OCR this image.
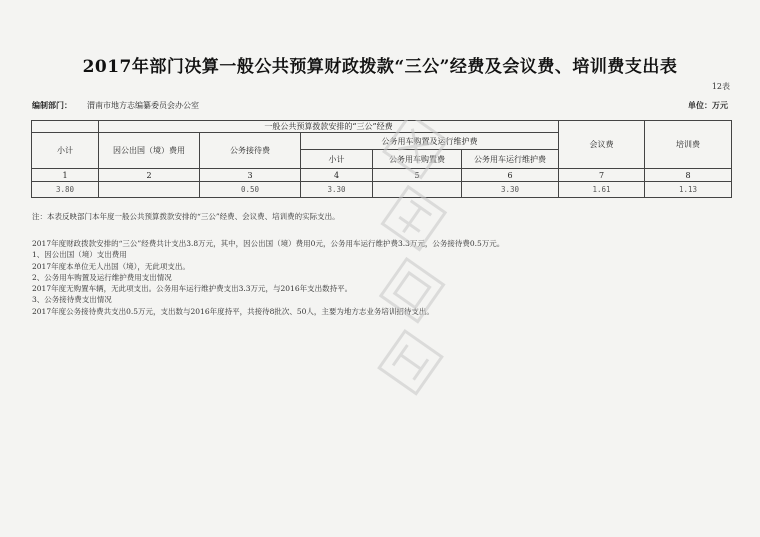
2017年部门决算一般公共预算财政拨款“三公”经费及会议费、培训费支出表
12表
编制部门： 渭南市地方志编纂委员会办公室	单位：万元
	一般公共预算拨款安排的“三公”经费					会议费	培训费
小计	因公出国（境）费用	公务接待费	公务用车购置及运行维护费				
			小计	公务用车购置费	公务用车运行维护费		
1	2	3	4	5	6	7	8
3.80		0.50	3.30		3.30	1.61	1.13
注：本表反映部门本年度一般公共预算拨款安排的“三公”经费、会议费、培训费的实际支出。
2017年度财政拨款安排的“三公”经费共计支出3.8万元，其中，因公出国（境）费用0元，公务用车运行维护费3.3万元，公务接待费0.5万元。
1、因公出国（境）支出费用
2017年度本单位无人出国（境），无此项支出。
2、公务用车购置及运行维护费用支出情况
2017年度无购置车辆，无此项支出。公务用车运行维护费支出3.3万元，与2016年支出数持平。
3、公务接待费支出情况
2017年度公务接待费共支出0.5万元，支出数与2016年度持平，共接待8批次、50人，主要为地方志业务培训招待支出。
